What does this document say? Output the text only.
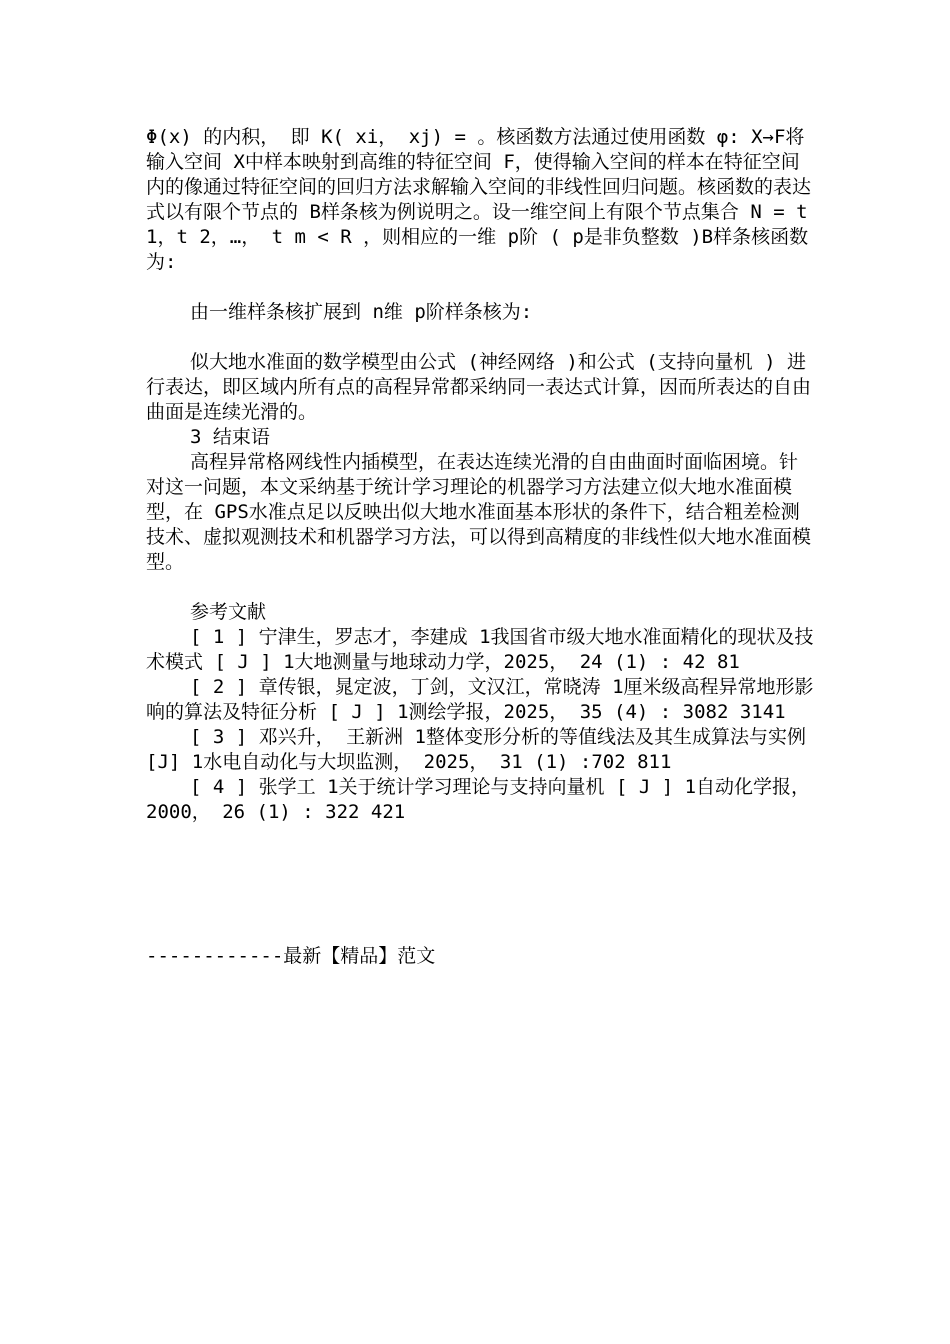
Φ(x) 的内积， 即 K( xi， xj) = 。核函数方法通过使用函数 φ: X→F将输入空间 X中样本映射到高维的特征空间 F，使得输入空间的样本在特征空间内的像通过特征空间的回归方法求解输入空间的非线性回归问题。核函数的表达式以有限个节点的 B样条核为例说明之。设一维空间上有限个节点集合 N = t 1，t 2，…， t m < R ，则相应的一维 p阶 ( p是非负整数 )B样条核函数为:

由一维样条核扩展到 n维 p阶样条核为:

似大地水准面的数学模型由公式 (神经网络 )和公式 (支持向量机 ) 进行表达，即区域内所有点的高程异常都采纳同一表达式计算，因而所表达的自由曲面是连续光滑的。

3 结束语

高程异常格网线性内插模型，在表达连续光滑的自由曲面时面临困境。针对这一问题，本文采纳基于统计学习理论的机器学习方法建立似大地水准面模型，在 GPS水准点足以反映出似大地水准面基本形状的条件下，结合粗差检测技术、虚拟观测技术和机器学习方法，可以得到高精度的非线性似大地水准面模型。

参考文献

[ 1 ] 宁津生，罗志才，李建成 1我国省市级大地水准面精化的现状及技术模式 [ J ] 1大地测量与地球动力学，2025， 24 (1) : 42 81

[ 2 ] 章传银，晁定波，丁剑，文汉江，常晓涛 1厘米级高程异常地形影响的算法及特征分析 [ J ] 1测绘学报，2025， 35 (4) : 3082 3141

[ 3 ] 邓兴升， 王新洲 1整体变形分析的等值线法及其生成算法与实例 [J] 1水电自动化与大坝监测， 2025， 31 (1) :702 811

[ 4 ] 张学工 1关于统计学习理论与支持向量机 [ J ] 1自动化学报，2000， 26 (1) : 322 421

------------最新【精品】范文
